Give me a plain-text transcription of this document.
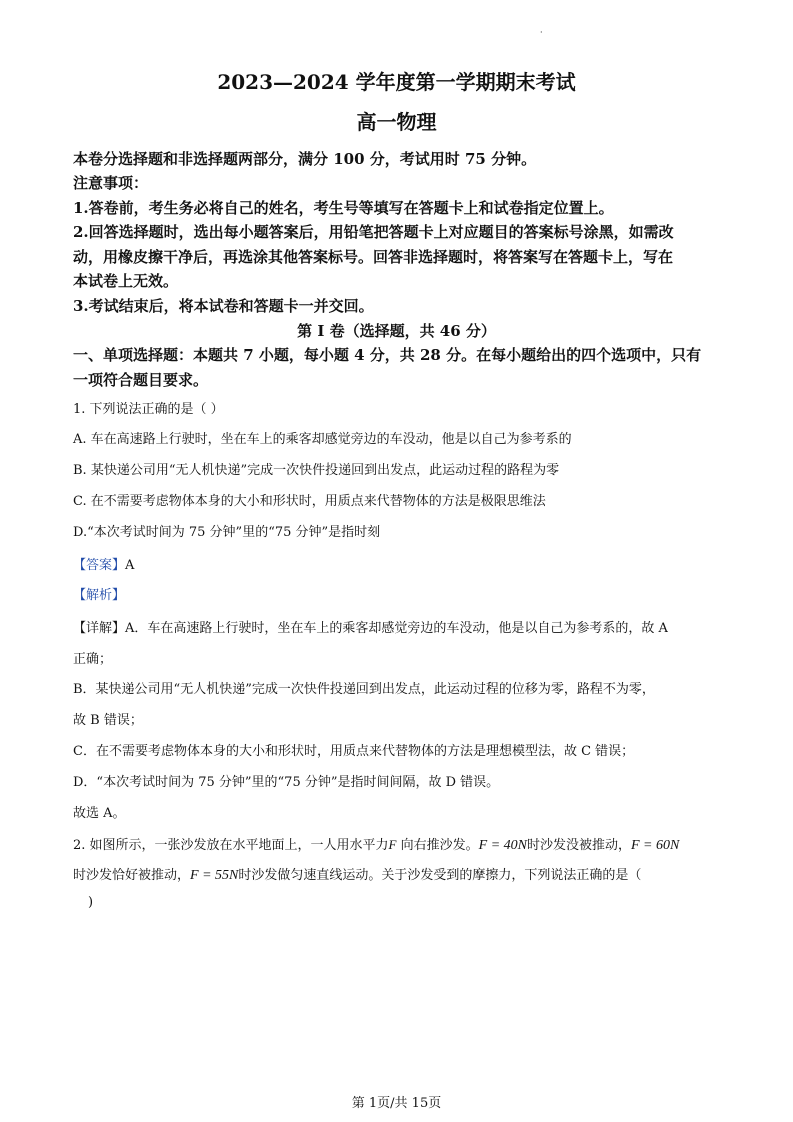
·
2023—2024 学年度第一学期期末考试
高一物理
本卷分选择题和非选择题两部分，满分 100 分，考试用时 75 分钟。
注意事项：
1.答卷前，考生务必将自己的姓名，考生号等填写在答题卡上和试卷指定位置上。
2.回答选择题时，选出每小题答案后，用铅笔把答题卡上对应题目的答案标号涂黑，如需改
动，用橡皮擦干净后，再选涂其他答案标号。回答非选择题时，将答案写在答题卡上，写在
本试卷上无效。
3.考试结束后，将本试卷和答题卡一并交回。
第 I 卷（选择题，共 46 分）
一、单项选择题：本题共 7 小题，每小题 4 分，共 28 分。在每小题给出的四个选项中，只有
一项符合题目要求。
1. 下列说法正确的是（ ）
A. 车在高速路上行驶时，坐在车上的乘客却感觉旁边的车没动，他是以自己为参考系的
B. 某快递公司用“无人机快递”完成一次快件投递回到出发点，此运动过程的路程为零
C. 在不需要考虑物体本身的大小和形状时，用质点来代替物体的方法是极限思维法
D.“本次考试时间为 75 分钟”里的“75 分钟”是指时刻
【答案】A
【解析】
【详解】A．车在高速路上行驶时，坐在车上的乘客却感觉旁边的车没动，他是以自己为参考系的，故 A
正确；
B．某快递公司用“无人机快递”完成一次快件投递回到出发点，此运动过程的位移为零，路程不为零，
故 B 错误；
C．在不需要考虑物体本身的大小和形状时，用质点来代替物体的方法是理想模型法，故 C 错误；
D．“本次考试时间为 75 分钟”里的“75 分钟”是指时间间隔，故 D 错误。
故选 A。
2. 如图所示，一张沙发放在水平地面上，一人用水平力F 向右推沙发。F = 40N时沙发没被推动，F = 60N
时沙发恰好被推动，F = 55N时沙发做匀速直线运动。关于沙发受到的摩擦力，下列说法正确的是（
)
第 1页/共 15页
